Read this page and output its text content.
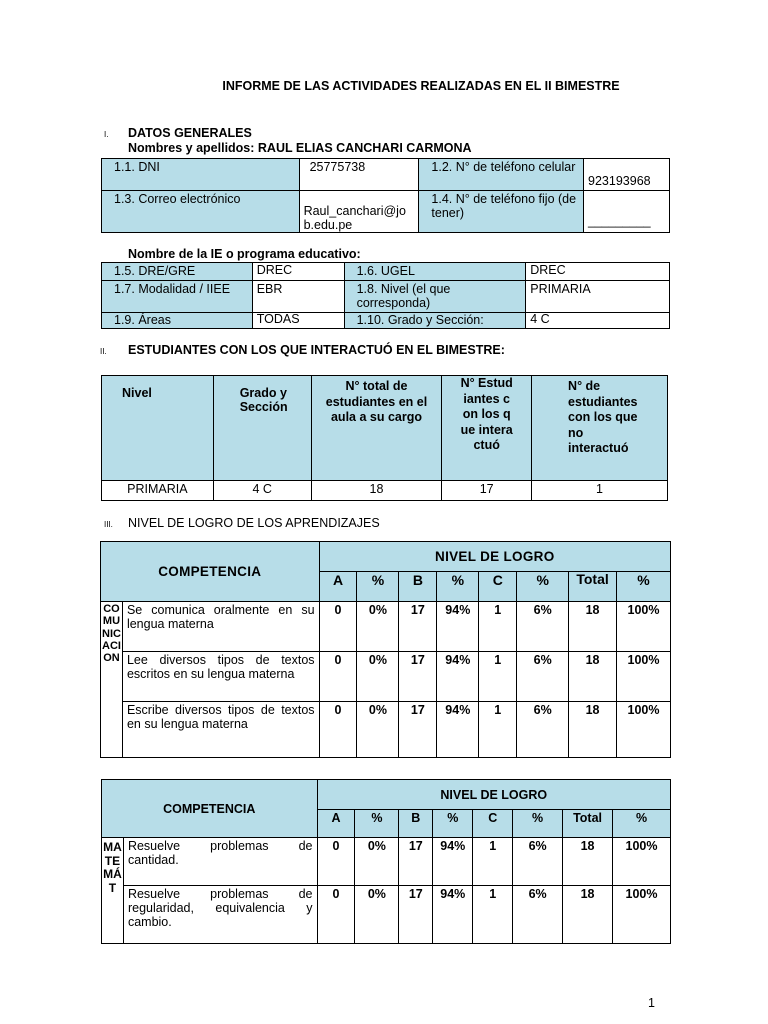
INFORME DE LAS ACTIVIDADES REALIZADAS EN EL II BIMESTRE
I. DATOS GENERALES
Nombres y apellidos: RAUL ELIAS CANCHARI CARMONA
1.1. DNI	25775738	1.2. N° de teléfono celular	923193968
1.3. Correo electrónico	Raul_canchari@job.edu.pe	1.4. N° de teléfono fijo (de tener)	_________
Nombre de la IE o programa educativo:
1.5. DRE/GRE	DREC	1.6. UGEL	DREC
1.7. Modalidad / IIEE	EBR	1.8. Nivel (el que corresponda)	PRIMARIA
1.9. Áreas	TODAS	1.10. Grado y Sección:	4 C
II. ESTUDIANTES CON LOS QUE INTERACTUÓ EN EL BIMESTRE:
Nivel	Grado y Sección	N° total de estudiantes en el aula a su cargo	N° Estudiantes con los que interactuó	N° de estudiantes con los que no interactuó
PRIMARIA	4 C	18	17	1
III. NIVEL DE LOGRO DE LOS APRENDIZAJES
COMPETENCIA		NIVEL DE LOGRO							
		A	%	B	%	C	%	Total	%
COMUNICACION	Se comunica oralmente en su lengua materna	0	0%	17	94%	1	6%	18	100%
	Lee diversos tipos de textos escritos en su lengua materna	0	0%	17	94%	1	6%	18	100%
	Escribe diversos tipos de textos en su lengua materna	0	0%	17	94%	1	6%	18	100%
COMPETENCIA		NIVEL DE LOGRO							
		A	%	B	%	C	%	Total	%
MATEMÁT	Resuelve problemas de cantidad.	0	0%	17	94%	1	6%	18	100%
	Resuelve problemas de regularidad, equivalencia y cambio.	0	0%	17	94%	1	6%	18	100%
1
